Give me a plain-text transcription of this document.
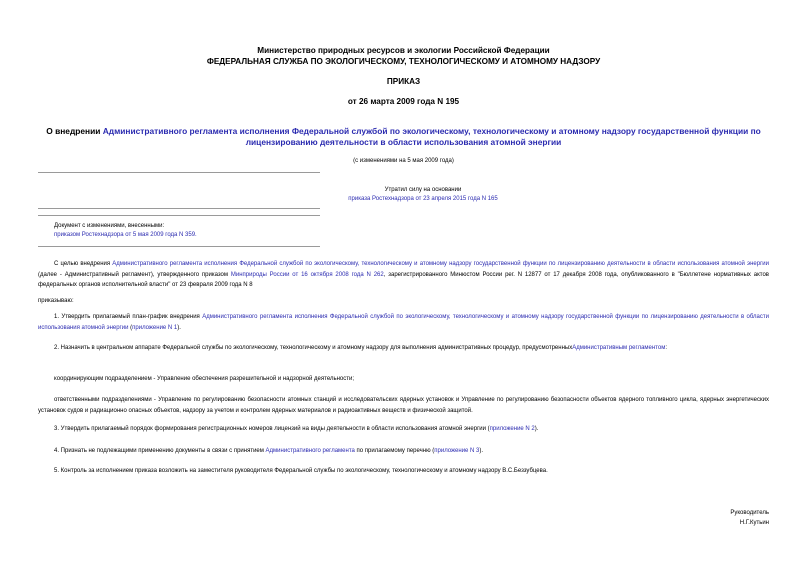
Министерство природных ресурсов и экологии Российской Федерации
ФЕДЕРАЛЬНАЯ СЛУЖБА ПО ЭКОЛОГИЧЕСКОМУ, ТЕХНОЛОГИЧЕСКОМУ И АТОМНОМУ НАДЗОРУ
ПРИКАЗ
от 26 марта 2009 года N 195
О внедрении Административного регламента исполнения Федеральной службой по экологическому, технологическому и атомному надзору государственной функции по лицензированию деятельности в области использования атомной энергии
(с изменениями на 5 мая 2009 года)
Утратил силу на основании
приказа Ростехнадзора от 23 апреля 2015 года N 165
Документ с изменениями, внесенными:
приказом Ростехнадзора от 5 мая 2009 года N 359.
С целью внедрения Административного регламента исполнения Федеральной службой по экологическому, технологическому и атомному надзору государственной функции по лицензированию деятельности в области использования атомной энергии (далее - Административный регламент), утвержденного приказом Минприроды России от 16 октября 2008 года N 262, зарегистрированного Минюстом России рег. N 12877 от 17 декабря 2008 года, опубликованного в "Бюллетене нормативных актов федеральных органов исполнительной власти" от 23 февраля 2009 года N 8
приказываю:
1. Утвердить прилагаемый план-график внедрения Административного регламента исполнения Федеральной службой по экологическому, технологическому и атомному надзору государственной функции по лицензированию деятельности в области использования атомной энергии (приложение N 1).
2. Назначить в центральном аппарате Федеральной службы по экологическому, технологическому и атомному надзору для выполнения административных процедур, предусмотренныхАдминистративным регламентом:
координирующим подразделением - Управление обеспечения разрешительной и надзорной деятельности;
ответственными подразделениями - Управление по регулированию безопасности атомных станций и исследовательских ядерных установок и Управление по регулированию безопасности объектов ядерного топливного цикла, ядерных энергетических установок судов и радиационно опасных объектов, надзору за учетом и контролем ядерных материалов и радиоактивных веществ и физической защитой.
3. Утвердить прилагаемый порядок формирования регистрационных номеров лицензий на виды деятельности в области использования атомной энергии (приложение N 2).
4. Признать не подлежащими применению документы в связи с принятием Административного регламента по прилагаемому перечню (приложение N 3).
5. Контроль за исполнением приказа возложить на заместителя руководителя Федеральной службы по экологическому, технологическому и атомному надзору В.С.Беззубцева.
Руководитель
Н.Г.Кутьин
